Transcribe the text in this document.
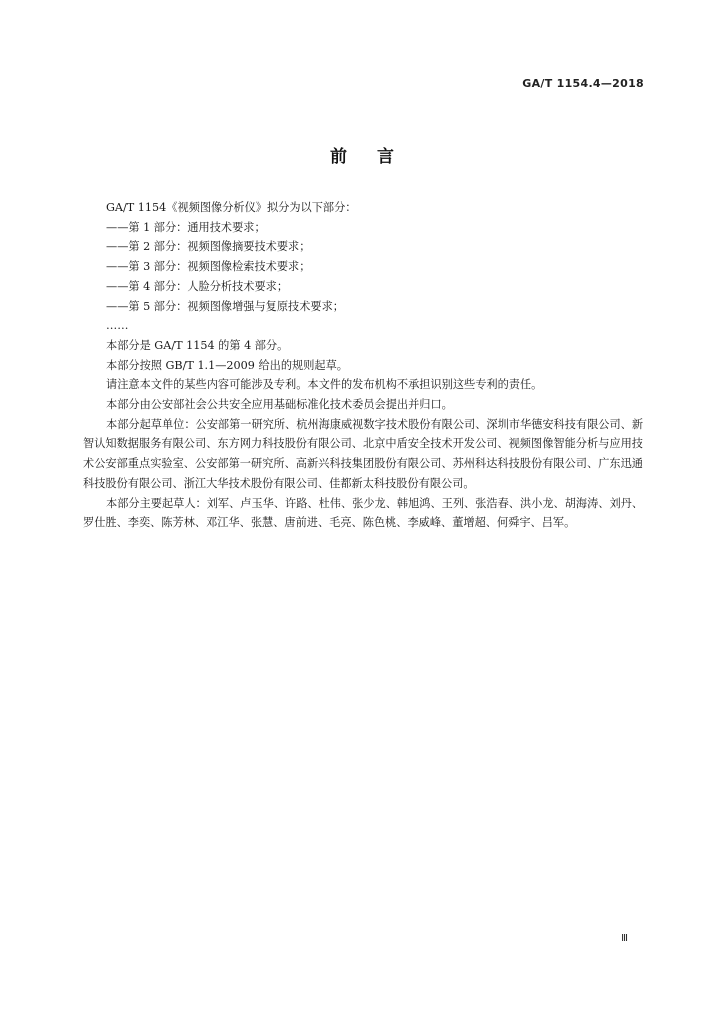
GA/T 1154.4—2018
前言

GA/T 1154《视频图像分析仪》拟分为以下部分：

——第 1 部分：通用技术要求；

——第 2 部分：视频图像摘要技术要求；

——第 3 部分：视频图像检索技术要求；

——第 4 部分：人脸分析技术要求；

——第 5 部分：视频图像增强与复原技术要求；

……

本部分是 GA/T 1154 的第 4 部分。

本部分按照 GB/T 1.1—2009 给出的规则起草。

请注意本文件的某些内容可能涉及专利。本文件的发布机构不承担识别这些专利的责任。

本部分由公安部社会公共安全应用基础标准化技术委员会提出并归口。

本部分起草单位：公安部第一研究所、杭州海康威视数字技术股份有限公司、深圳市华德安科技有限公司、新智认知数据服务有限公司、东方网力科技股份有限公司、北京中盾安全技术开发公司、视频图像智能分析与应用技术公安部重点实验室、公安部第一研究所、高新兴科技集团股份有限公司、苏州科达科技股份有限公司、广东迅通科技股份有限公司、浙江大华技术股份有限公司、佳都新太科技股份有限公司。

本部分主要起草人：刘军、卢玉华、许路、杜伟、张少龙、韩旭鸿、王列、张浩春、洪小龙、胡海涛、刘丹、罗仕胜、李奕、陈芳林、邓江华、张慧、唐前进、毛亮、陈色桃、李威峰、董增超、何舜宇、吕军。

Ⅲ
